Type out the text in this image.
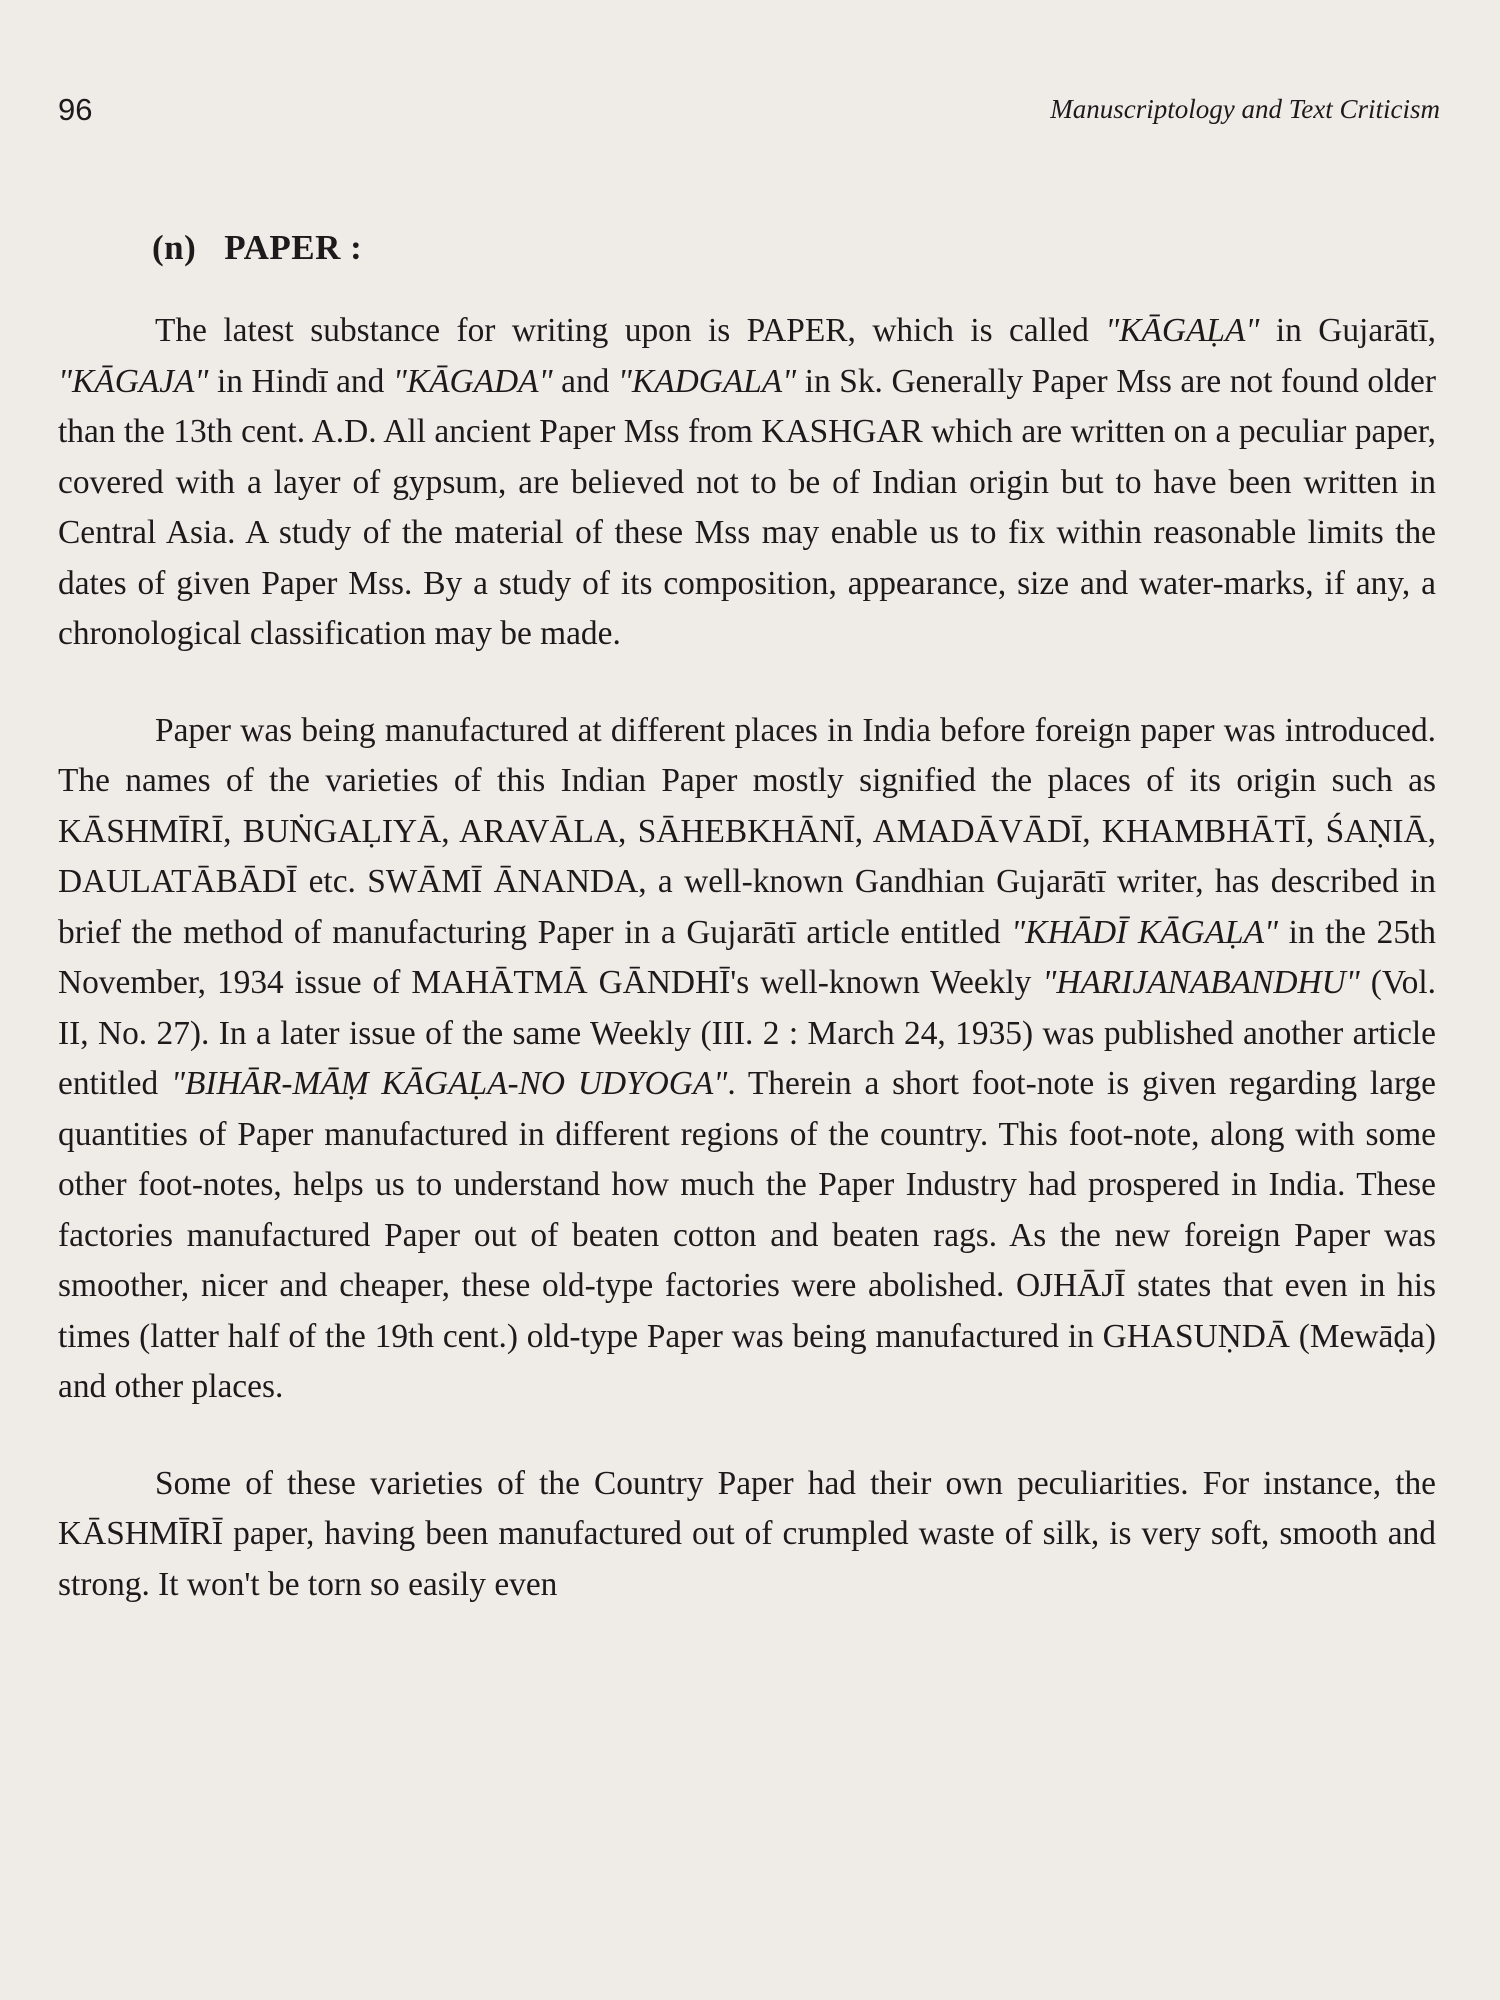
96	Manuscriptology and Text Criticism
(n) PAPER :

The latest substance for writing upon is PAPER, which is called "KĀGAḶA" in Gujarātī, "KĀGAJA" in Hindī and "KĀGADA" and "KADGALA" in Sk. Generally Paper Mss are not found older than the 13th cent. A.D. All ancient Paper Mss from KASHGAR which are written on a peculiar paper, covered with a layer of gypsum, are believed not to be of Indian origin but to have been written in Central Asia. A study of the material of these Mss may enable us to fix within reasonable limits the dates of given Paper Mss. By a study of its composition, appearance, size and water-marks, if any, a chronological classification may be made.

Paper was being manufactured at different places in India before foreign paper was introduced. The names of the varieties of this Indian Paper mostly signified the places of its origin such as KĀSHMĪRĪ, BUṄGAḶIYĀ, ARAVĀLA, SĀHEBKHĀNĪ, AMADĀVĀDĪ, KHAMBHĀTĪ, ŚAṆIĀ, DAULATĀBĀDĪ etc. SWĀMĪ ĀNANDA, a well-known Gandhian Gujarātī writer, has described in brief the method of manufacturing Paper in a Gujarātī article entitled "KHĀDĪ KĀGAḶA" in the 25th November, 1934 issue of MAHĀTMĀ GĀNDHĪ's well-known Weekly "HARIJANABANDHU" (Vol. II, No. 27). In a later issue of the same Weekly (III. 2 : March 24, 1935) was published another article entitled "BIHĀR-MĀṂ KĀGAḶA-NO UDYOGA". Therein a short foot-note is given regarding large quantities of Paper manufactured in different regions of the country. This foot-note, along with some other foot-notes, helps us to understand how much the Paper Industry had prospered in India. These factories manufactured Paper out of beaten cotton and beaten rags. As the new foreign Paper was smoother, nicer and cheaper, these old-type factories were abolished. OJHĀJĪ states that even in his times (latter half of the 19th cent.) old-type Paper was being manufactured in GHASUṆDĀ (Mewāḍa) and other places.

Some of these varieties of the Country Paper had their own peculiarities. For instance, the KĀSHMĪRĪ paper, having been manufactured out of crumpled waste of silk, is very soft, smooth and strong. It won't be torn so easily even
